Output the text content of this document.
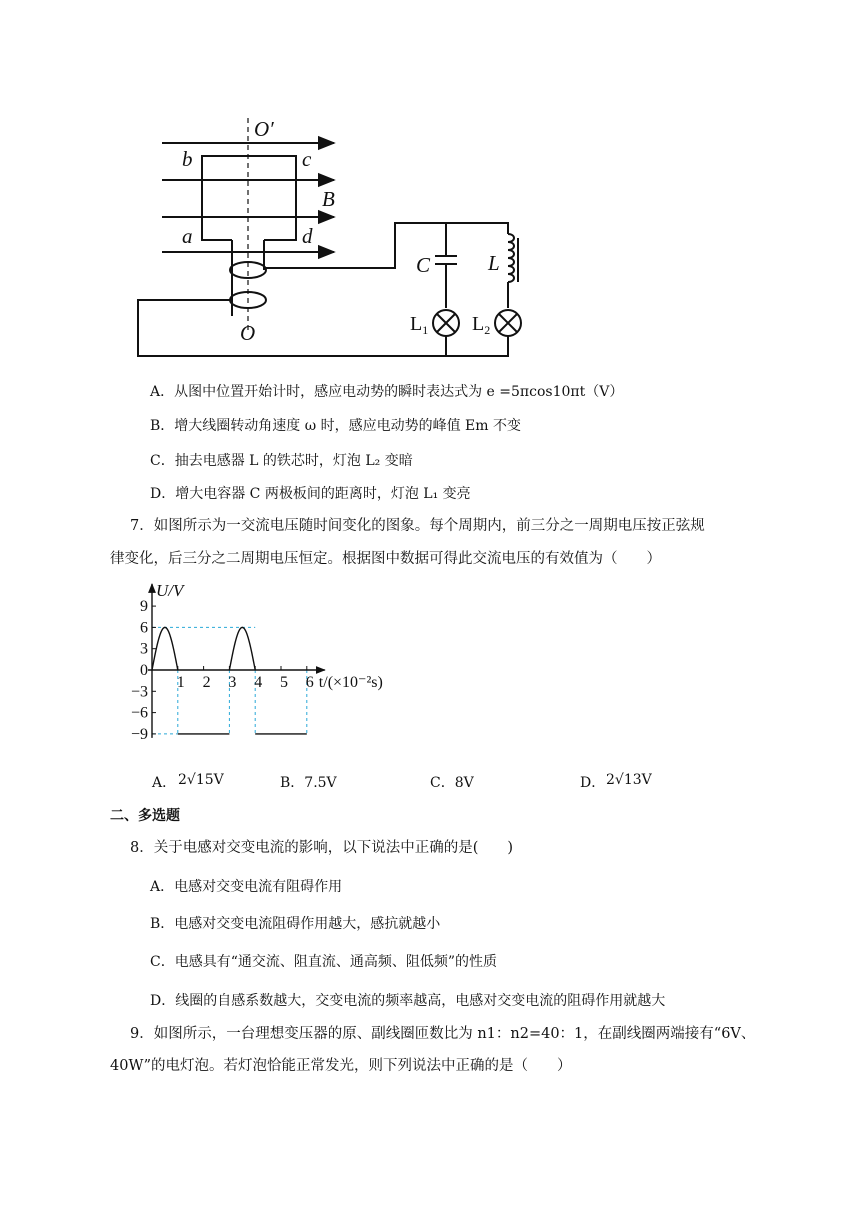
O′
O
b	c
a	d
B
C	L
$L_1$ $L_2$
A．从图中位置开始计时，感应电动势的瞬时表达式为 e =5πcos10πt（V）
B．增大线圈转动角速度 ω 时，感应电动势的峰值 Em 不变
C．抽去电感器 L 的铁芯时，灯泡 L₂ 变暗
D．增大电容器 C 两极板间的距离时，灯泡 L₁ 变亮
7．如图所示为一交流电压随时间变化的图象。每个周期内，前三分之一周期电压按正弦规
律变化，后三分之二周期电压恒定。根据图中数据可得此交流电压的有效值为（　　）
9
6
3
0
−3
−6
−9
1 2 3 4 5 6
U/V
t/(×10⁻²s)
A． 2√15V	B．7.5V	C．8V	D． 2√13V
二、多选题
8．关于电感对交变电流的影响，以下说法中正确的是(　　)
A．电感对交变电流有阻碍作用
B．电感对交变电流阻碍作用越大，感抗就越小
C．电感具有“通交流、阻直流、通高频、阻低频”的性质
D．线圈的自感系数越大，交变电流的频率越高，电感对交变电流的阻碍作用就越大
9．如图所示，一台理想变压器的原、副线圈匝数比为 n1：n2=40：1，在副线圈两端接有“6V、
40W”的电灯泡。若灯泡恰能正常发光，则下列说法中正确的是（　　）
